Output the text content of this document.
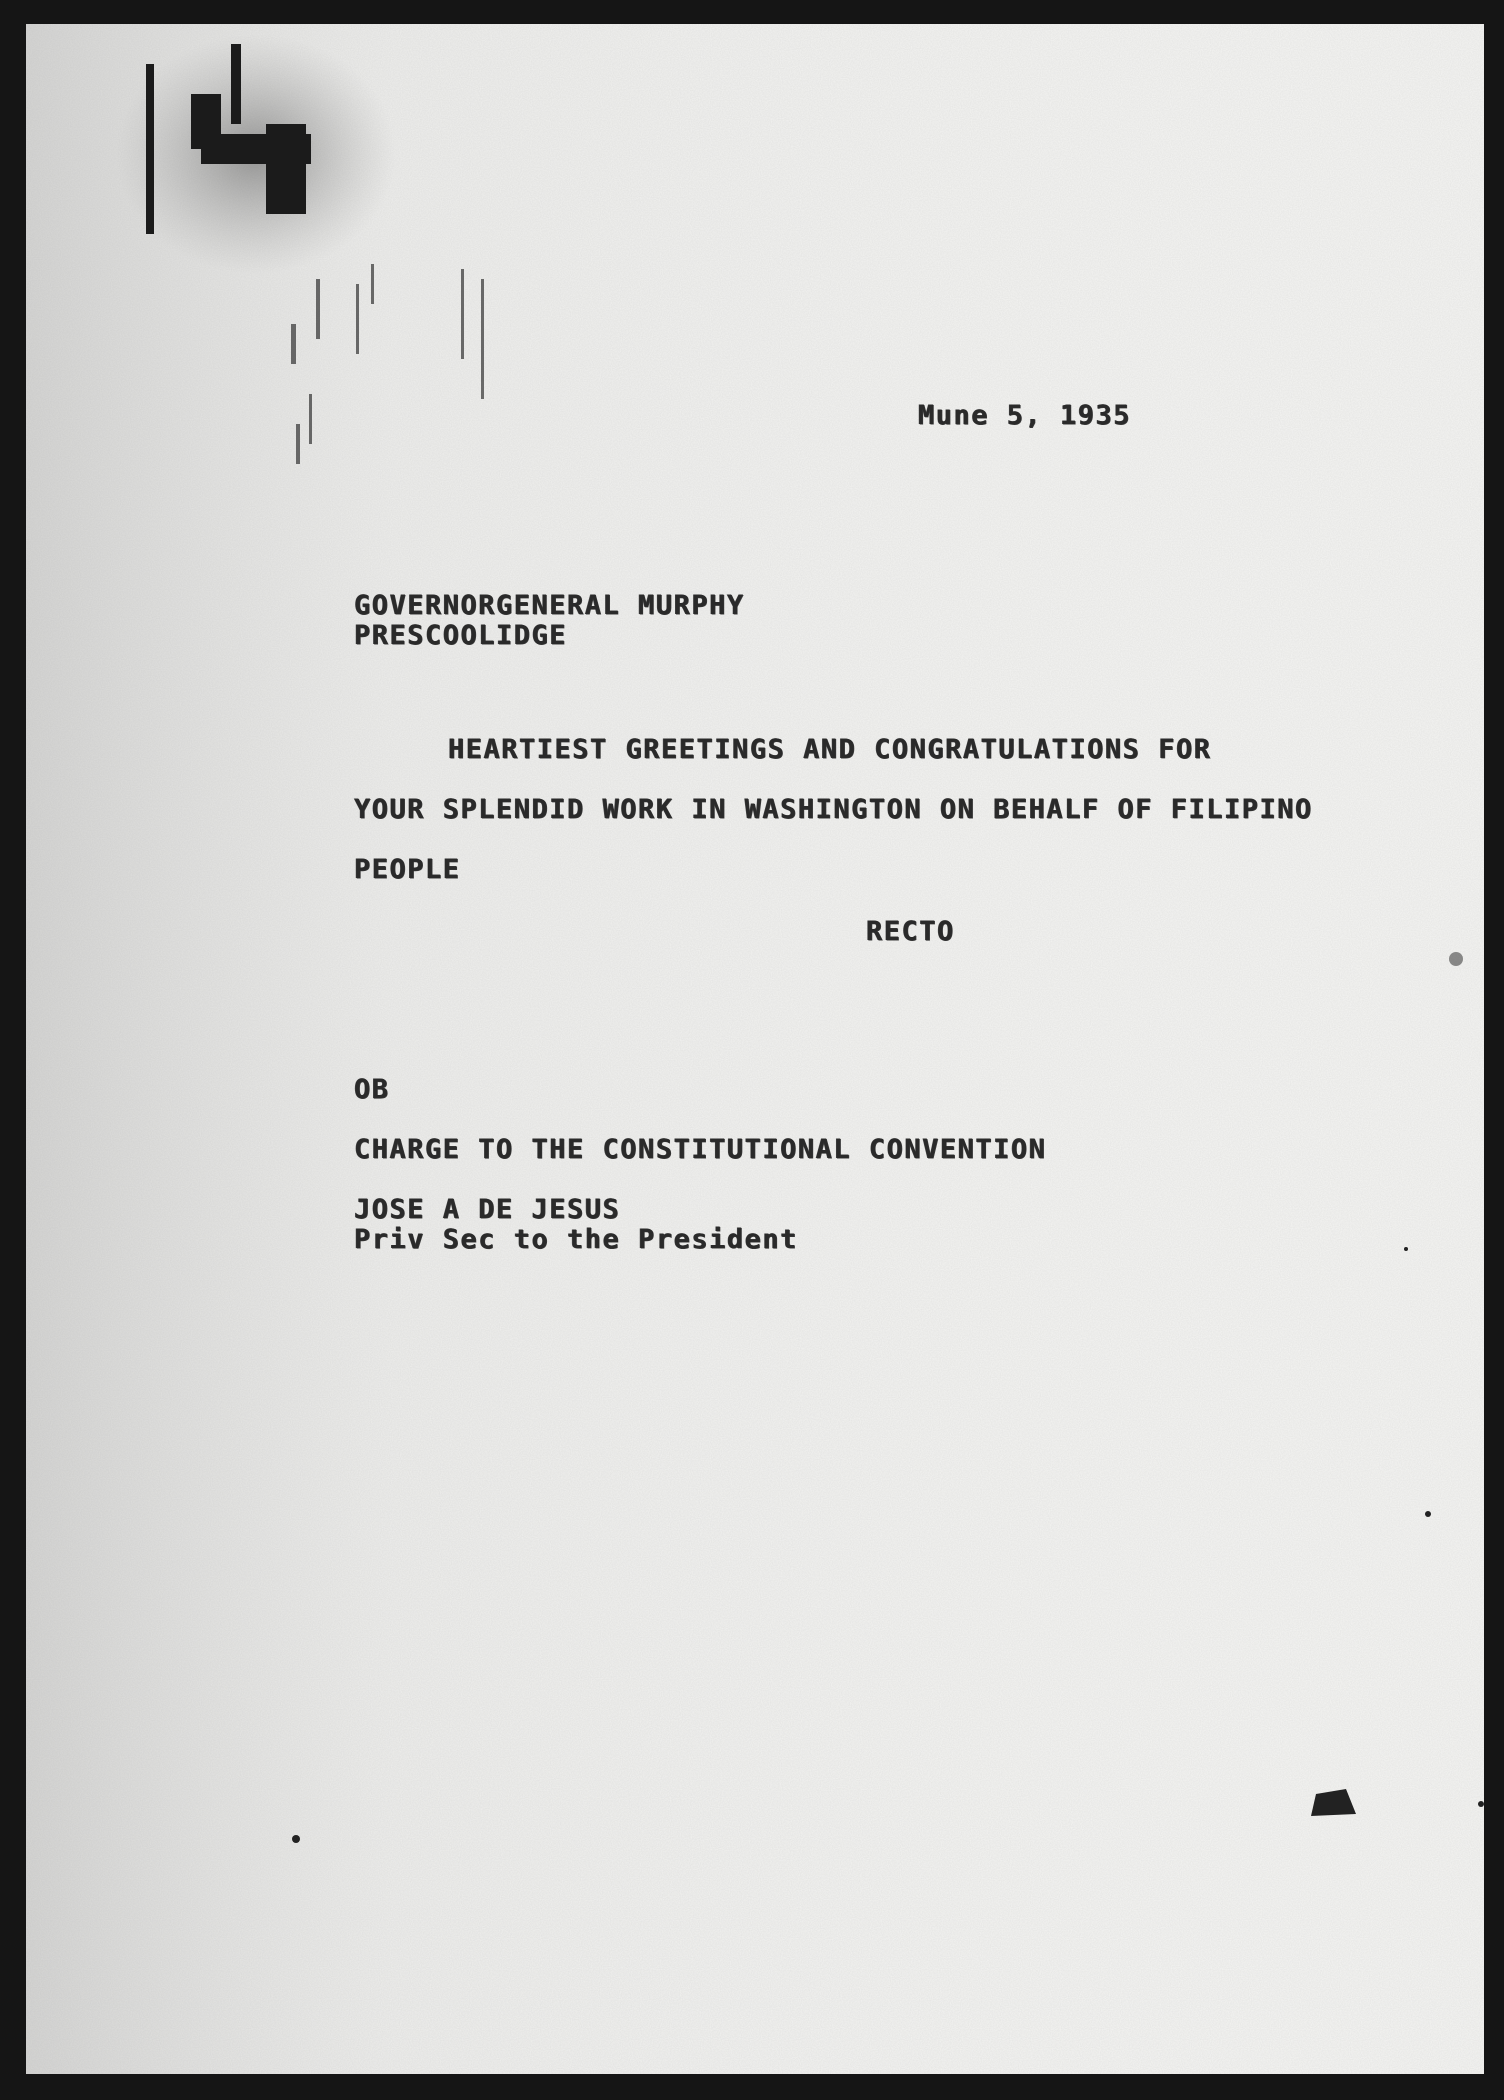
Mune 5, 1935
GOVERNORGENERAL MURPHY
PRESCOOLIDGE
HEARTIEST GREETINGS AND CONGRATULATIONS FOR
YOUR SPLENDID WORK IN WASHINGTON ON BEHALF OF FILIPINO
PEOPLE
RECTO
OB
CHARGE TO THE CONSTITUTIONAL CONVENTION
JOSE A DE JESUS
Priv Sec to the President
